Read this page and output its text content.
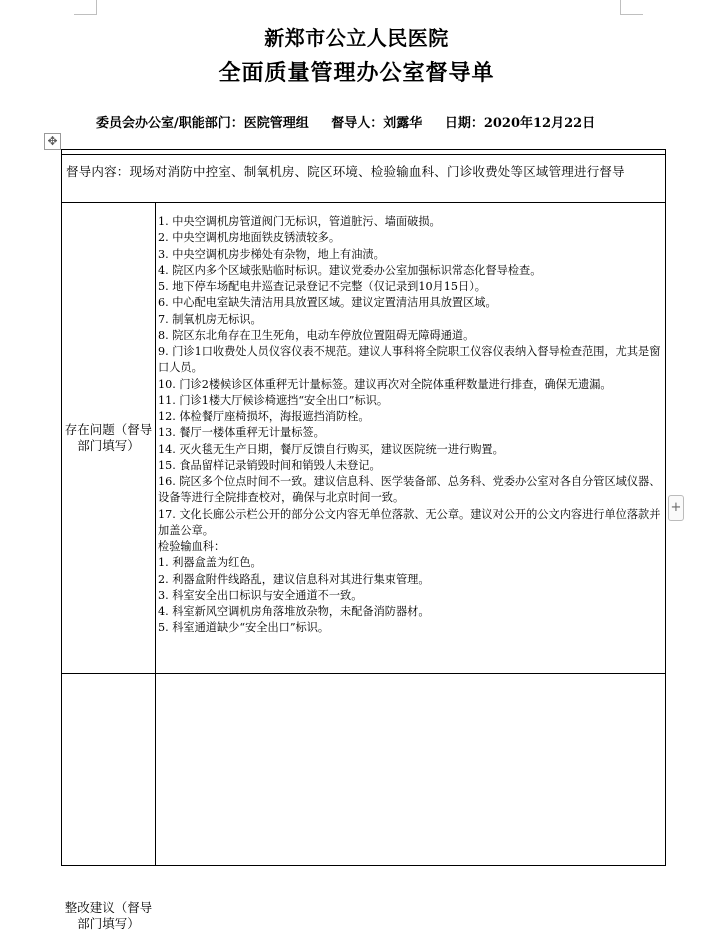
新郑市公立人民医院
全面质量管理办公室督导单
委员会办公室/职能部门：医院管理组 督导人：刘露华 日期：2020年12月22日
✥
+
督导内容：现场对消防中控室、制氧机房、院区环境、检验输血科、门诊收费处等区域管理进行督导
存在问题（督导部门填写）
1. 中央空调机房管道阀门无标识，管道脏污、墙面破损。
2. 中央空调机房地面铁皮锈渍较多。
3. 中央空调机房步梯处有杂物，地上有油渍。
4. 院区内多个区域张贴临时标识。建议党委办公室加强标识常态化督导检查。
5. 地下停车场配电井巡查记录登记不完整（仅记录到10月15日）。
6. 中心配电室缺失清洁用具放置区域。建议定置清洁用具放置区域。
7. 制氧机房无标识。
8. 院区东北角存在卫生死角，电动车停放位置阻碍无障碍通道。
9. 门诊1口收费处人员仪容仪表不规范。建议人事科将全院职工仪容仪表纳入督导检查范围，尤其是窗口人员。
10. 门诊2楼候诊区体重秤无计量标签。建议再次对全院体重秤数量进行排查，确保无遗漏。
11. 门诊1楼大厅候诊椅遮挡“安全出口”标识。
12. 体检餐厅座椅损坏，海报遮挡消防栓。
13. 餐厅一楼体重秤无计量标签。
14. 灭火毯无生产日期，餐厅反馈自行购买，建议医院统一进行购置。
15. 食品留样记录销毁时间和销毁人未登记。
16. 院区多个位点时间不一致。建议信息科、医学装备部、总务科、党委办公室对各自分管区域仪器、设备等进行全院排查校对，确保与北京时间一致。
17. 文化长廊公示栏公开的部分公文内容无单位落款、无公章。建议对公开的公文内容进行单位落款并加盖公章。
检验输血科：
1. 利器盒盖为红色。
2. 利器盒附件线路乱，建议信息科对其进行集束管理。
3. 科室安全出口标识与安全通道不一致。
4. 科室新风空调机房角落堆放杂物，未配备消防器材。
5. 科室通道缺少“安全出口”标识。
整改建议（督导部门填写）
